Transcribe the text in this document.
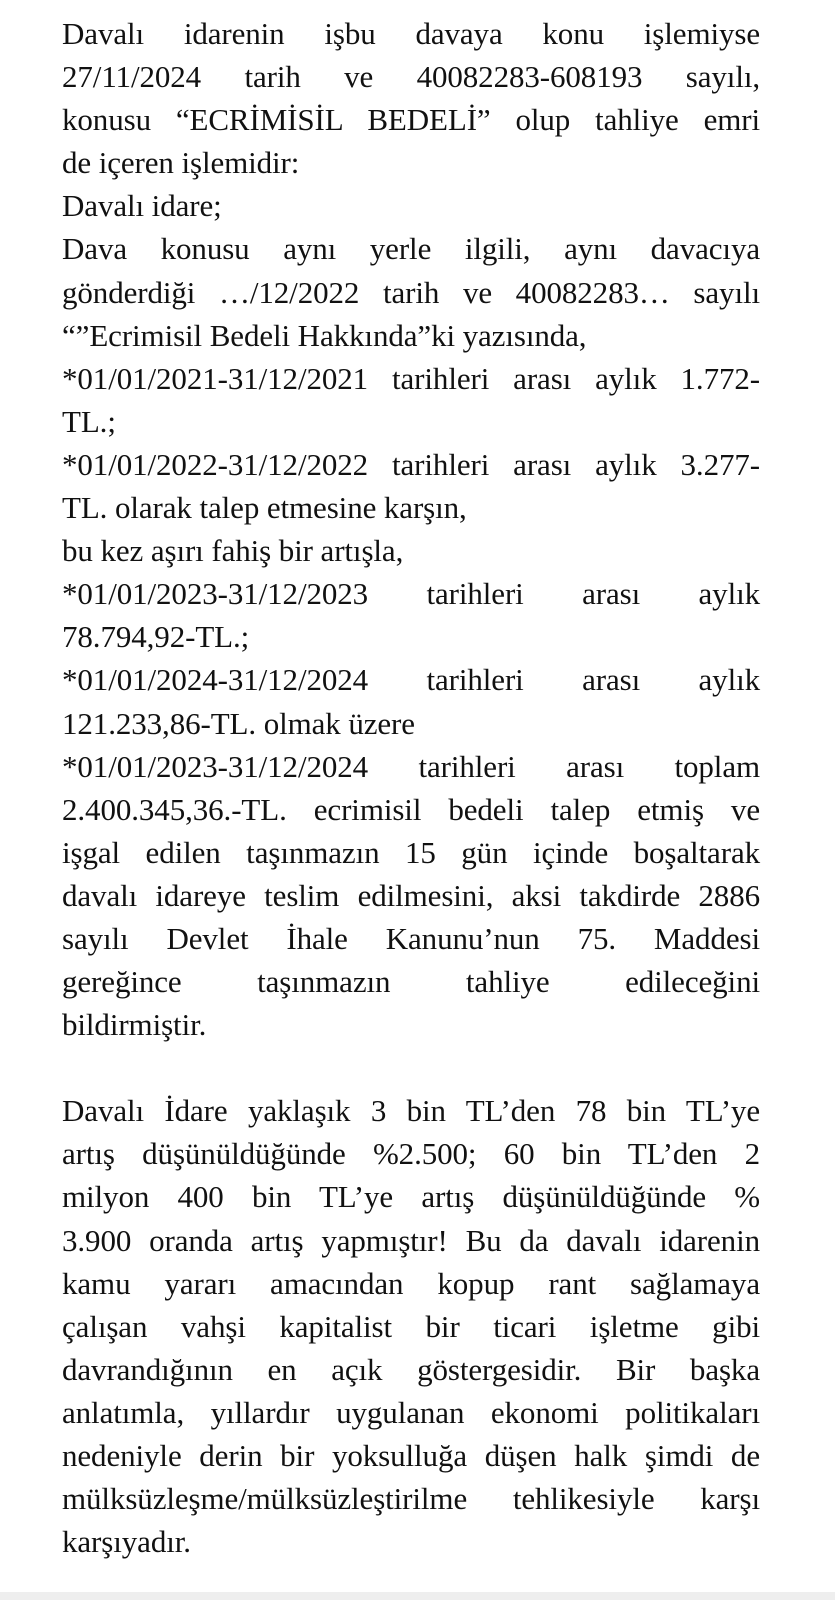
Davalı idarenin işbu davaya konu işlemiyse
27/11/2024 tarih ve 40082283-608193 sayılı,
konusu “ECRİMİSİL BEDELİ” olup tahliye emri
de içeren işlemidir:
Davalı idare;
Dava konusu aynı yerle ilgili, aynı davacıya
gönderdiği …/12/2022 tarih ve 40082283… sayılı
“”Ecrimisil Bedeli Hakkında”ki yazısında,
*01/01/2021-31/12/2021 tarihleri arası aylık 1.772-
TL.;
*01/01/2022-31/12/2022 tarihleri arası aylık 3.277-
TL. olarak talep etmesine karşın,
bu kez aşırı fahiş bir artışla,
*01/01/2023-31/12/2023 tarihleri arası aylık
78.794,92-TL.;
*01/01/2024-31/12/2024 tarihleri arası aylık
121.233,86-TL. olmak üzere
*01/01/2023-31/12/2024 tarihleri arası toplam
2.400.345,36.-TL. ecrimisil bedeli talep etmiş ve
işgal edilen taşınmazın 15 gün içinde boşaltarak
davalı idareye teslim edilmesini, aksi takdirde 2886
sayılı Devlet İhale Kanunu’nun 75. Maddesi
gereğince taşınmazın tahliye edileceğini
bildirmiştir.
Davalı İdare yaklaşık 3 bin TL’den 78 bin TL’ye
artış düşünüldüğünde %2.500; 60 bin TL’den 2
milyon 400 bin TL’ye artış düşünüldüğünde %
3.900 oranda artış yapmıştır! Bu da davalı idarenin
kamu yararı amacından kopup rant sağlamaya
çalışan vahşi kapitalist bir ticari işletme gibi
davrandığının en açık göstergesidir. Bir başka
anlatımla, yıllardır uygulanan ekonomi politikaları
nedeniyle derin bir yoksulluğa düşen halk şimdi de
mülksüzleşme/mülksüzleştirilme tehlikesiyle karşı
karşıyadır.
